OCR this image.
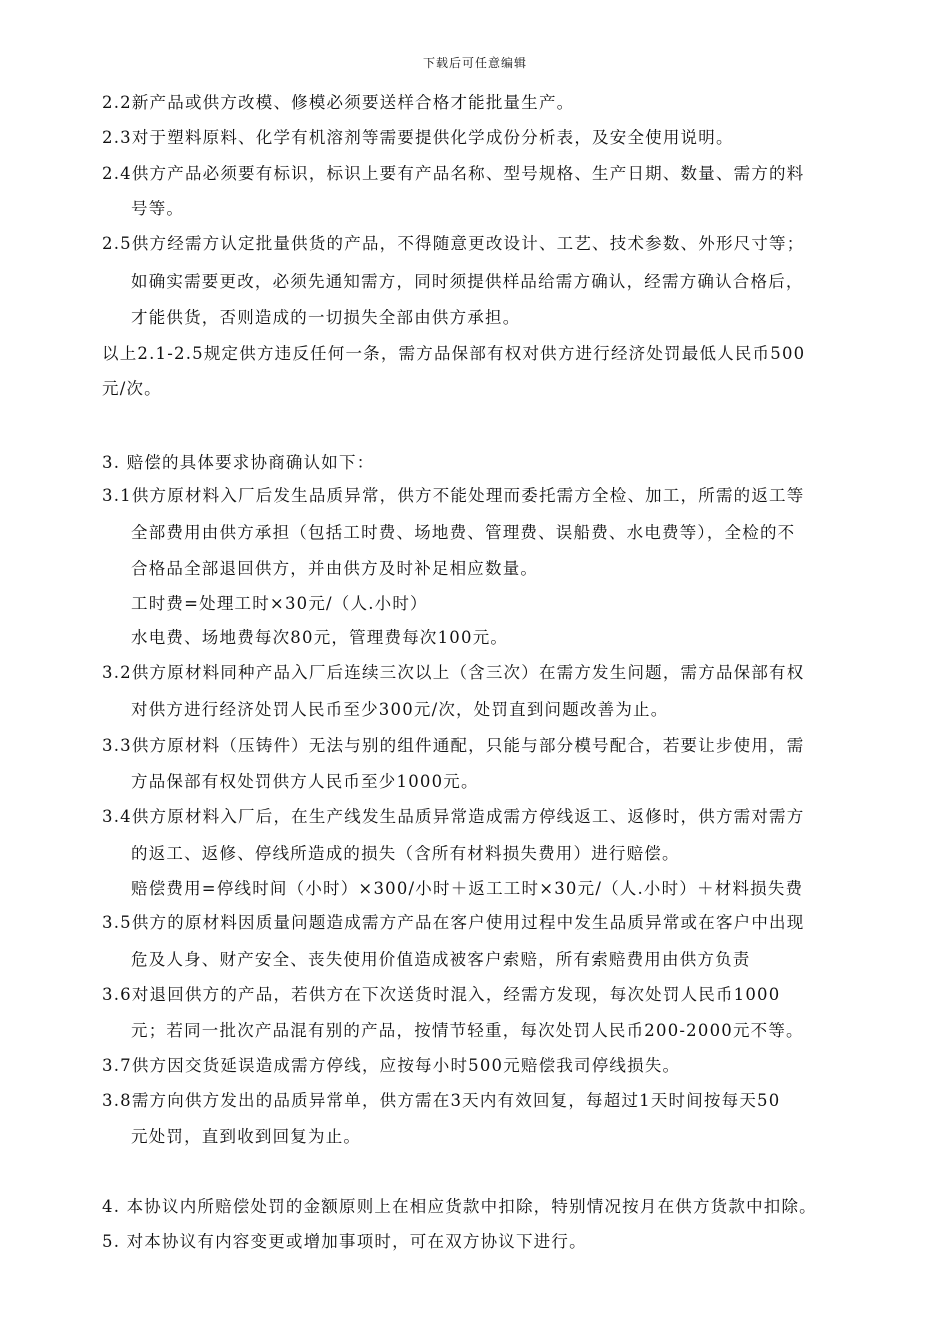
下载后可任意编辑
2.2新产品或供方改模、修模必须要送样合格才能批量生产。
2.3对于塑料原料、化学有机溶剂等需要提供化学成份分析表，及安全使用说明。
2.4供方产品必须要有标识，标识上要有产品名称、型号规格、生产日期、数量、需方的料
号等。
2.5供方经需方认定批量供货的产品，不得随意更改设计、工艺、技术参数、外形尺寸等；
如确实需要更改，必须先通知需方，同时须提供样品给需方确认，经需方确认合格后，
才能供货，否则造成的一切损失全部由供方承担。
以上2.1-2.5规定供方违反任何一条，需方品保部有权对供方进行经济处罚最低人民币500
元/次。
3. 赔偿的具体要求协商确认如下：
3.1供方原材料入厂后发生品质异常，供方不能处理而委托需方全检、加工，所需的返工等
全部费用由供方承担（包括工时费、场地费、管理费、误船费、水电费等），全检的不
合格品全部退回供方，并由供方及时补足相应数量。
工时费=处理工时×30元/（人.小时）
水电费、场地费每次80元，管理费每次100元。
3.2供方原材料同种产品入厂后连续三次以上（含三次）在需方发生问题，需方品保部有权
对供方进行经济处罚人民币至少300元/次，处罚直到问题改善为止。
3.3供方原材料（压铸件）无法与别的组件通配，只能与部分模号配合，若要让步使用，需
方品保部有权处罚供方人民币至少1000元。
3.4供方原材料入厂后，在生产线发生品质异常造成需方停线返工、返修时，供方需对需方
的返工、返修、停线所造成的损失（含所有材料损失费用）进行赔偿。
赔偿费用=停线时间（小时）×300/小时＋返工工时×30元/（人.小时）＋材料损失费
3.5供方的原材料因质量问题造成需方产品在客户使用过程中发生品质异常或在客户中出现
危及人身、财产安全、丧失使用价值造成被客户索赔，所有索赔费用由供方负责
3.6对退回供方的产品，若供方在下次送货时混入，经需方发现，每次处罚人民币1000
元；若同一批次产品混有别的产品，按情节轻重，每次处罚人民币200-2000元不等。
3.7供方因交货延误造成需方停线，应按每小时500元赔偿我司停线损失。
3.8需方向供方发出的品质异常单，供方需在3天内有效回复，每超过1天时间按每天50
元处罚，直到收到回复为止。
4. 本协议内所赔偿处罚的金额原则上在相应货款中扣除，特别情况按月在供方货款中扣除。
5. 对本协议有内容变更或增加事项时，可在双方协议下进行。
